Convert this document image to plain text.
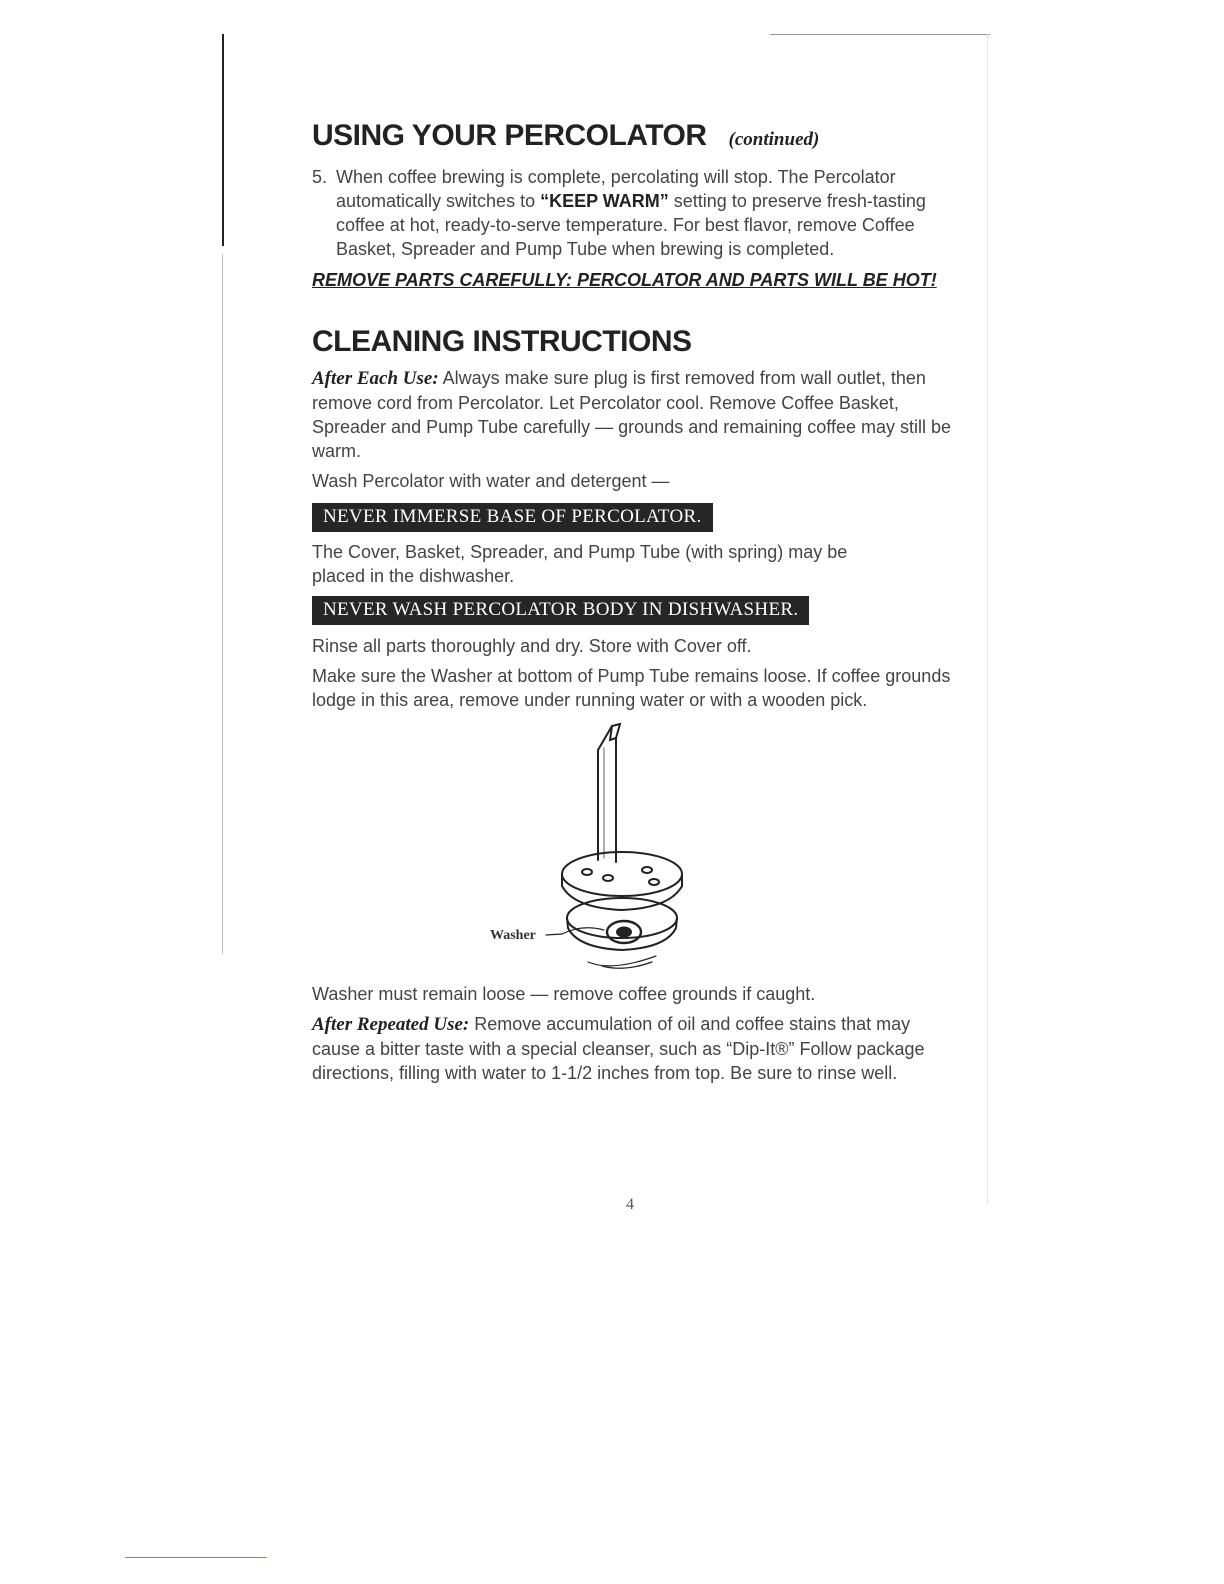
USING YOUR PERCOLATOR (continued)
5. When coffee brewing is complete, percolating will stop. The Percolator automatically switches to “KEEP WARM” setting to preserve fresh-tasting coffee at hot, ready-to-serve temperature. For best flavor, remove Coffee Basket, Spreader and Pump Tube when brewing is completed.
REMOVE PARTS CAREFULLY: PERCOLATOR AND PARTS WILL BE HOT!
CLEANING INSTRUCTIONS

After Each Use: Always make sure plug is first removed from wall outlet, then remove cord from Percolator. Let Percolator cool. Remove Coffee Basket, Spreader and Pump Tube carefully — grounds and remaining coffee may still be warm.

Wash Percolator with water and detergent —

NEVER IMMERSE BASE OF PERCOLATOR.

The Cover, Basket, Spreader, and Pump Tube (with spring) may be placed in the dishwasher.

NEVER WASH PERCOLATOR BODY IN DISHWASHER.

Rinse all parts thoroughly and dry. Store with Cover off.

Make sure the Washer at bottom of Pump Tube remains loose. If coffee grounds lodge in this area, remove under running water or with a wooden pick.

Washer

Washer must remain loose — remove coffee grounds if caught.

After Repeated Use: Remove accumulation of oil and coffee stains that may cause a bitter taste with a special cleanser, such as “Dip-It®” Follow package directions, filling with water to 1-1/2 inches from top. Be sure to rinse well.

4
